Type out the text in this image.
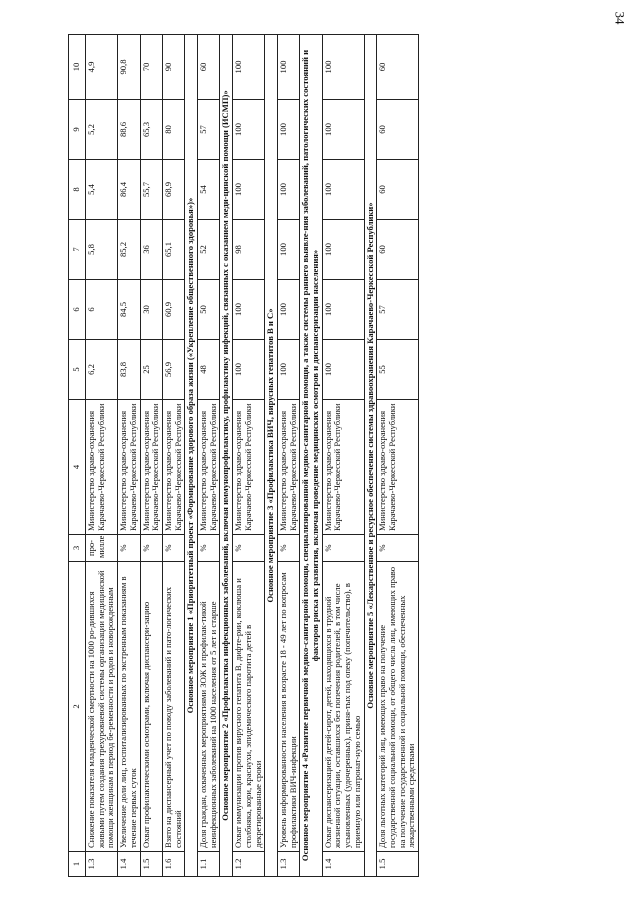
34
1	2	3	4	5	6	7	8	9	10
1.3	Снижение показателя младенческой смертности на 1000 ро-дившихся живыми путем создания трехуровневой системы организации медицинской помощи женщинам в период бе-ременности и родов и новорожденным	про-милле	Министерство здраво-охранения Карачаево-Черкесской Республики	6,2	6	5,8	5,4	5,2	4,9
1.4	Увеличение доли лиц, госпитализированных по экстренным показаниям в течение первых суток	%	Министерство здраво-охранения Карачаево-Черкесской Республики	83,8	84,5	85,2	86,4	88,6	90,8
1.5	Охват профилактическими осмотрами, включая диспансери-зацию	%	Министерство здраво-охранения Карачаево-Черкесской Республики	25	30	36	55,7	65,3	70
1.6	Взято на диспансерный учет по поводу заболеваний и пато-логических состояний	%	Министерство здраво-охранения Карачаево-Черкесской Республики	56,9	60,9	65,1	68,9	80	90
Основное мероприятие 1 «Приоритетный проект «Формирование здорового образа жизни («Укрепление общественного здоровья»)»									
1.1	Доля граждан, охваченных мероприятиями ЗОЖ и профилак-тикой неинфекционных заболеваний на 1000 населения от 5 лет и старше	%	Министерство здраво-охранения Карачаево-Черкесской Республики	48	50	52	54	57	60
Основное мероприятие 2 «Профилактика инфекционных заболеваний, включая иммунопрофилактику, профилактику инфекций, связанных с оказанием меди-цинской помощи (ИСМП)»									
1.2	Охват иммунизации против вирусного гепатита В, дифте-рии, коклюша и столбняка, кори, краснухи, эпидемического паротита детей в декретированные сроки	%	Министерство здраво-охранения Карачаево-Черкесской Республики	100	100	98	100	100	100
Основное мероприятие 3 «Профилактика ВИЧ, вирусных гепатитов В и С»									
1.3	Уровень информированности населения в возрасте 18 - 49 лет по вопросам профилактики ВИЧ-инфекции	%	Министерство здраво-охранения Карачаево-Черкесской Республики	100	100	100	100	100	100
Основное мероприятие 4 «Развитие первичной медико-санитарной помощи, специализированной медико-санитарной помощи, а также системы раннего выявле-ния заболеваний, патологических состояний и факторов риска их развития, включая проведение медицинских осмотров и диспансеризации населения»									
1.4	Охват диспансеризацией детей-сирот, детей, находящихся в трудной жизненной ситуации, оставшихся без попечения родителей, в том числе усыновленных (удочеренных), приня-тых под опеку (попечительство), в приемную или патронат-ную семью	%	Министерство здраво-охранения Карачаево-Черкесской Республики	100	100	100	100	100	100
Основное мероприятие 5 «Лекарственное и ресурсное обеспечение системы здравоохранения Карачаево-Черкесской Республики»									
1.5	Доля льготных категорий лиц, имеющих право на получение государственной социальной помощи, от общего числа лиц, имеющих право на получение государственной и социальной помощи, обеспеченных лекарственными средствами	%	Министерство здраво-охранения Карачаево-Черкесской Республики	55	57	60	60	60	60
